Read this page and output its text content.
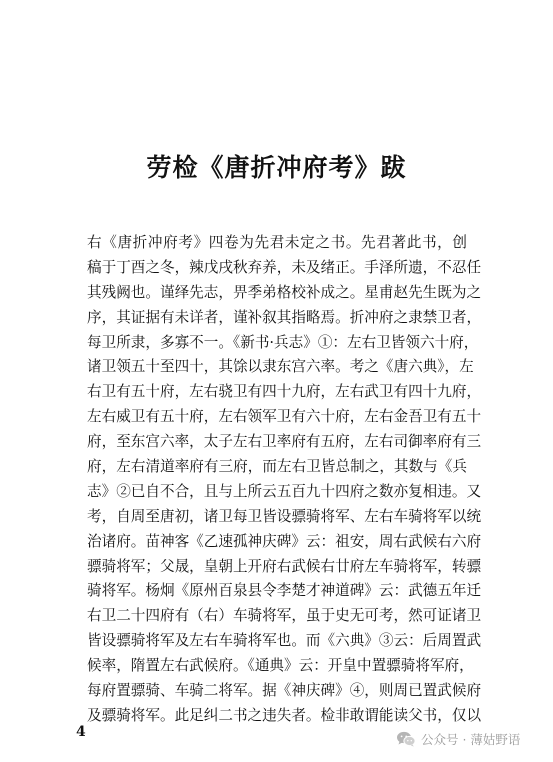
劳检《唐折冲府考》跋
右《唐折冲府考》四卷为先君未定之书。先君著此书，创
稿于丁酉之冬，辣戊戌秋弃养，未及绪正。手泽所遗，不忍任
其残阙也。谨绎先志，畀季弟格校补成之。星甫赵先生既为之
序，其证据有未详者，谨补叙其指略焉。折冲府之隶禁卫者，
每卫所隶，多寡不一。《新书·兵志》①：左右卫皆领六十府，
诸卫领五十至四十，其馀以隶东宫六率。考之《唐六典》，左
右卫有五十府，左右骁卫有四十九府，左右武卫有四十九府，
左右威卫有五十府，左右领军卫有六十府，左右金吾卫有五十
府，至东宫六率，太子左右卫率府有五府，左右司御率府有三
府，左右清道率府有三府，而左右卫皆总制之，其数与《兵
志》②已自不合，且与上所云五百九十四府之数亦复相违。又
考，自周至唐初，诸卫每卫皆设骠骑将军、左右车骑将军以统
治诸府。苗神客《乙速孤神庆碑》云：祖安，周右武候右六府
骠骑将军；父晟，皇朝上开府右武候右廿府左车骑将军，转骠
骑将军。杨炯《原州百泉县令李楚才神道碑》云：武德五年迁
右卫二十四府有（右）车骑将军，虽于史无可考，然可证诸卫
皆设骠骑将军及左右车骑将军也。而《六典》③云：后周置武
候率，隋置左右武候府。《通典》云：开皇中置骠骑将军府，
每府置骠骑、车骑二将军。据《神庆碑》④，则周已置武候府
及骠骑将军。此足纠二书之违失者。检非敢谓能读父书，仅以
4	公众号 · 薄姑野语
